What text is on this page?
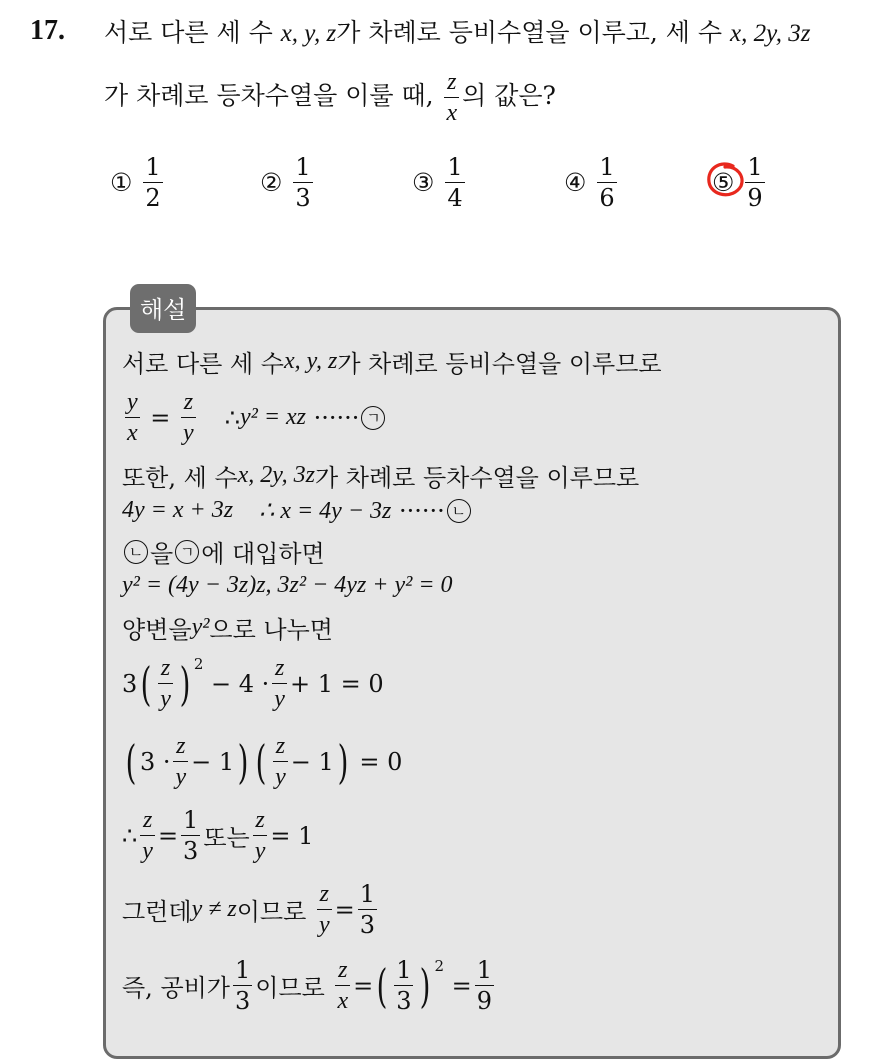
17. 서로 다른 세 수 x, y, z가 차례로 등비수열을 이루고, 세 수 x, 2y, 3z
가 차례로 등차수열을 이룰 때, $\frac{z}{x}$ 의 값은?
① $\frac{1}{2}$	② $\frac{1}{3}$	③ $\frac{1}{4}$	④ $\frac{1}{6}$	⑤ $\frac{1}{9}$
해설
서로 다른 세 수 x, y, z 가 차례로 등비수열을 이루므로
$\frac{y}{x} = \frac{z}{y}$ ∴ y² = xz
······ ㄱ
또한, 세 수 x, 2y, 3z 가 차례로 등차수열을 이루므로
4y = x + 3z ∴ x = 4y − 3z
······ ㄴ
ㄴ 을 ㄱ 에 대입하면
y² = (4y − 3z)z, 3z² − 4yz + y² = 0
양변을 y² 으로 나누면
3 ( $\frac{z}{y} )^2$

− $4 \cdot \frac{z}{y} + 1 = 0$
( $3 \cdot \frac{z}{y} - 1$ ) ( $\frac{z}{y} - 1$ )
= 0
∴ $\frac{z}{y} = \frac{1}{3}$ 또는 $\frac{z}{y} = 1$
그런데 y ≠ z 이므로
$\frac{z}{y} = \frac{1}{3}$
즉, 공비가 $\frac{1}{3}$ 이므로
$\frac{z}{x}$ = ( $\frac{1}{3} )^2$

= $\frac{1}{9}$
